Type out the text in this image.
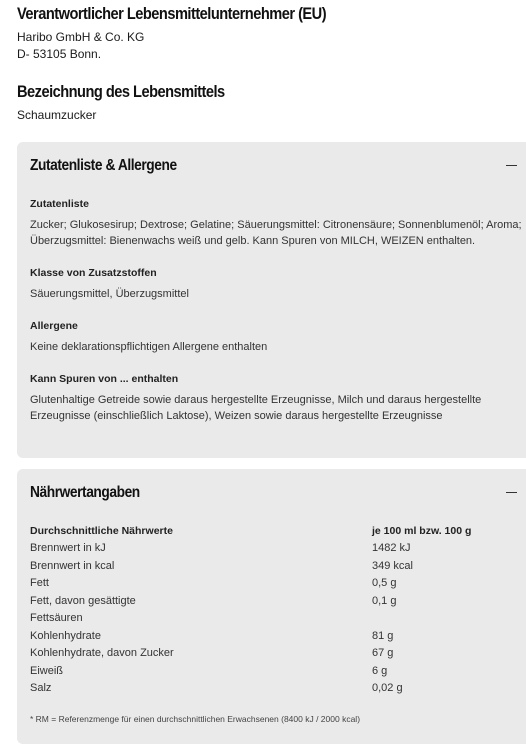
Verantwortlicher Lebensmittelunternehmer (EU)
Haribo GmbH & Co. KG
D- 53105 Bonn.
Bezeichnung des Lebensmittels
Schaumzucker
Zutatenliste & Allergene
Zutatenliste
Zucker; Glukosesirup; Dextrose; Gelatine; Säuerungsmittel: Citronensäure; Sonnenblumenöl; Aroma;
Überzugsmittel: Bienenwachs weiß und gelb. Kann Spuren von MILCH, WEIZEN enthalten.
Klasse von Zusatzstoffen
Säuerungsmittel, Überzugsmittel
Allergene
Keine deklarationspflichtigen Allergene enthalten
Kann Spuren von ... enthalten
Glutenhaltige Getreide sowie daraus hergestellte Erzeugnisse, Milch und daraus hergestellte
Erzeugnisse (einschließlich Laktose), Weizen sowie daraus hergestellte Erzeugnisse
Nährwertangaben
Durchschnittliche Nährwerte	je 100 ml bzw. 100 g
Brennwert in kJ	1482 kJ
Brennwert in kcal	349 kcal
Fett	0,5 g
Fett, davon gesättigte	0,1 g
Fettsäuren
Kohlenhydrate	81 g
Kohlenhydrate, davon Zucker	67 g
Eiweiß	6 g
Salz	0,02 g
* RM = Referenzmenge für einen durchschnittlichen Erwachsenen (8400 kJ / 2000 kcal)
